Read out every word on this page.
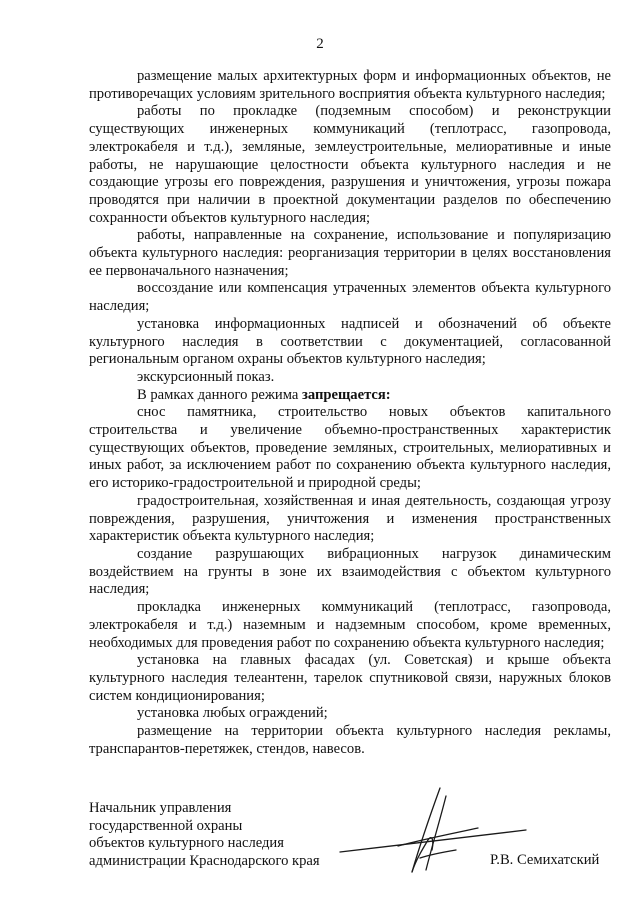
2

размещение малых архитектурных форм и информационных объектов, не противоречащих условиям зрительного восприятия объекта культурного наследия;

работы по прокладке (подземным способом) и реконструкции существующих инженерных коммуникаций (теплотрасс, газопровода, электрокабеля и т.д.), земляные, землеустроительные, мелиоративные и иные работы, не нарушающие целостности объекта культурного наследия и не создающие угрозы его повреждения, разрушения и уничтожения, угрозы пожара проводятся при наличии в проектной документации разделов по обеспечению сохранности объектов культурного наследия;

работы, направленные на сохранение, использование и популяризацию объекта культурного наследия: реорганизация территории в целях восстановления ее первоначального назначения;

воссоздание или компенсация утраченных элементов объекта культурного наследия;

установка информационных надписей и обозначений об объекте культурного наследия в соответствии с документацией, согласованной региональным органом охраны объектов культурного наследия;

экскурсионный показ.

В рамках данного режима запрещается:

снос памятника, строительство новых объектов капитального строительства и увеличение объемно-пространственных характеристик существующих объектов, проведение земляных, строительных, мелиоративных и иных работ, за исключением работ по сохранению объекта культурного наследия, его историко-градостроительной и природной среды;

градостроительная, хозяйственная и иная деятельность, создающая угрозу повреждения, разрушения, уничтожения и изменения пространственных характеристик объекта культурного наследия;

создание разрушающих вибрационных нагрузок динамическим воздействием на грунты в зоне их взаимодействия с объектом культурного наследия;

прокладка инженерных коммуникаций (теплотрасс, газопровода, электрокабеля и т.д.) наземным и надземным способом, кроме временных, необходимых для проведения работ по сохранению объекта культурного наследия;

установка на главных фасадах (ул. Советская) и крыше объекта культурного наследия телеантенн, тарелок спутниковой связи, наружных блоков систем кондиционирования;

установка любых ограждений;

размещение на территории объекта культурного наследия рекламы, транспарантов-перетяжек, стендов, навесов.

Начальник управления
государственной охраны
объектов культурного наследия
администрации Краснодарского края	Р.В. Семихатский
